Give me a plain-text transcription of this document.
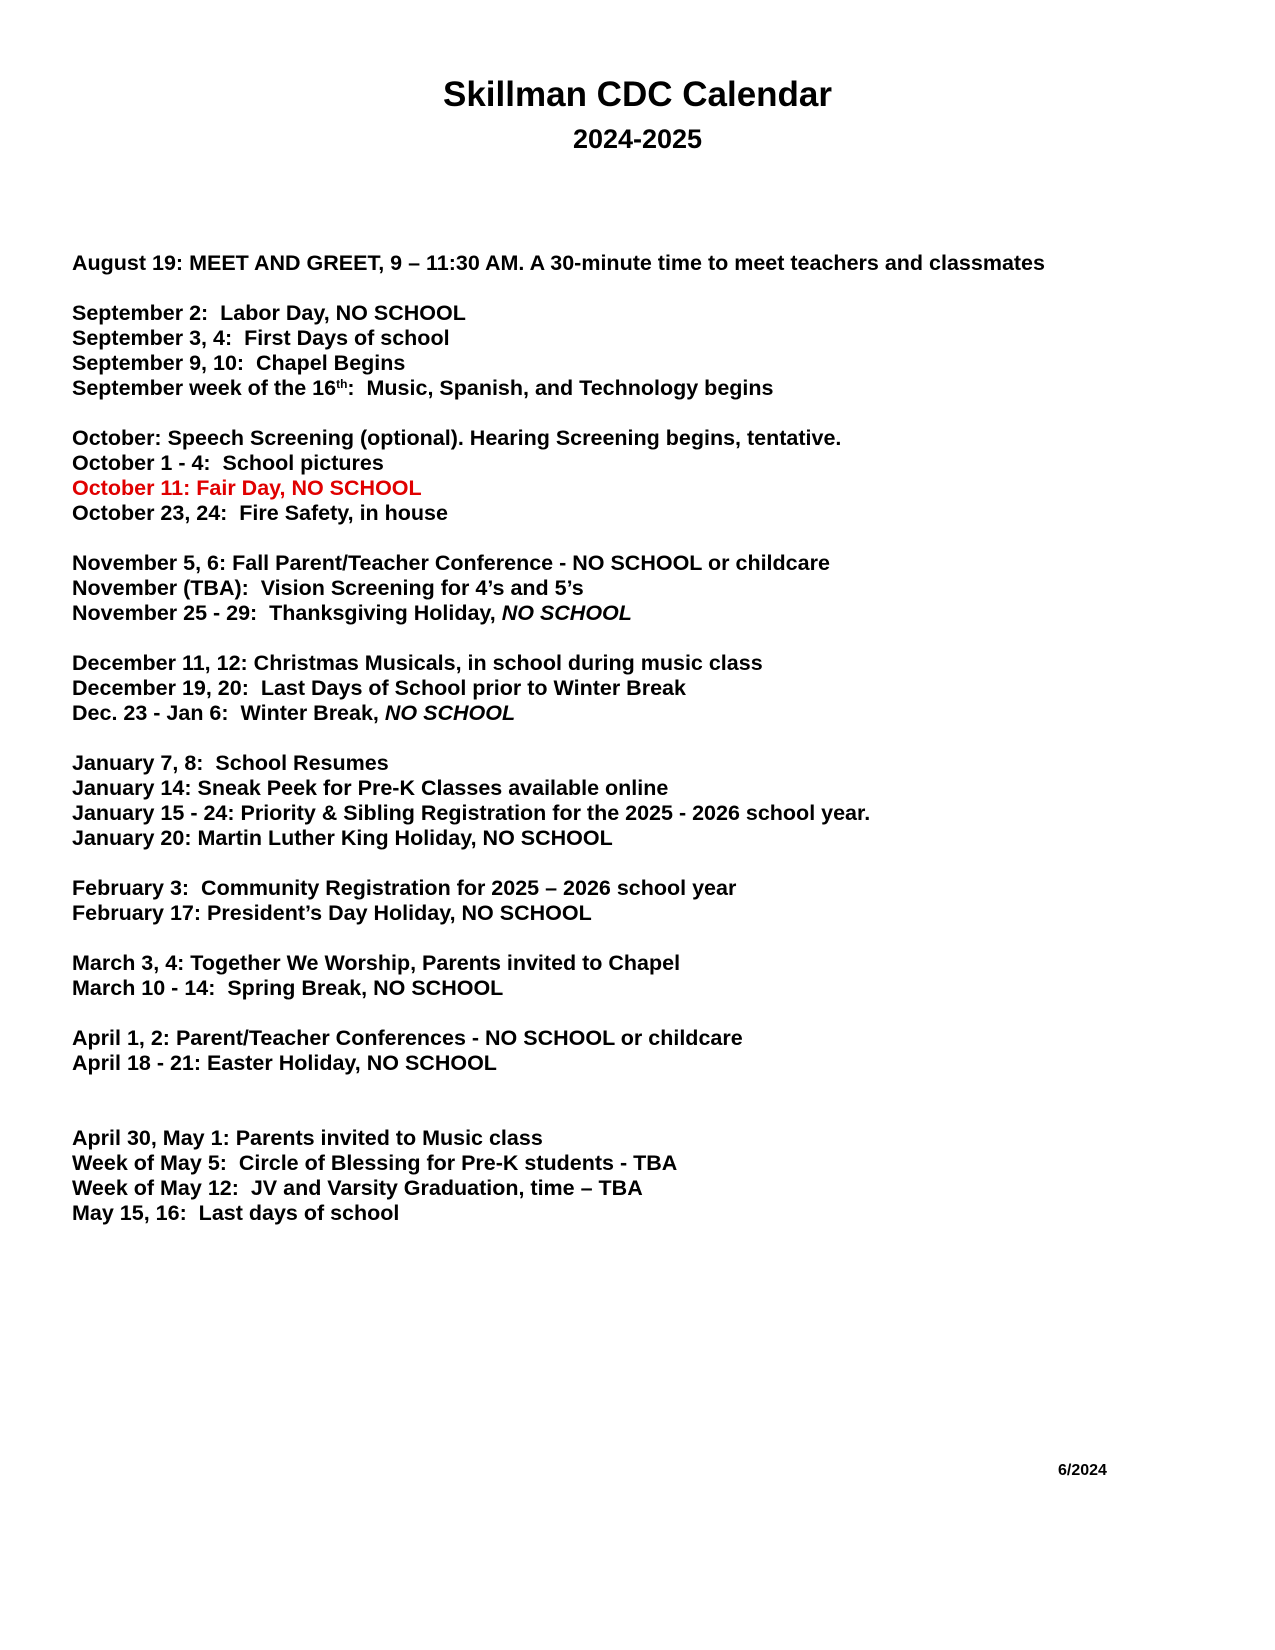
Skillman CDC Calendar
2024-2025
August 19: MEET AND GREET, 9 – 11:30 AM. A 30-minute time to meet teachers and classmates
September 2:  Labor Day, NO SCHOOL
September 3, 4:  First Days of school
September 9, 10:  Chapel Begins
September week of the 16th:  Music, Spanish, and Technology begins
October: Speech Screening (optional). Hearing Screening begins, tentative.
October 1 - 4:  School pictures
October 11: Fair Day, NO SCHOOL
October 23, 24:  Fire Safety, in house
November 5, 6: Fall Parent/Teacher Conference - NO SCHOOL or childcare
November (TBA):  Vision Screening for 4’s and 5’s
November 25 - 29:  Thanksgiving Holiday, NO SCHOOL
December 11, 12: Christmas Musicals, in school during music class
December 19, 20:  Last Days of School prior to Winter Break
Dec. 23 - Jan 6:  Winter Break, NO SCHOOL
January 7, 8:  School Resumes
January 14: Sneak Peek for Pre-K Classes available online
January 15 - 24: Priority & Sibling Registration for the 2025 - 2026 school year.
January 20: Martin Luther King Holiday, NO SCHOOL
February 3:  Community Registration for 2025 – 2026 school year
February 17: President’s Day Holiday, NO SCHOOL
March 3, 4: Together We Worship, Parents invited to Chapel
March 10 - 14:  Spring Break, NO SCHOOL
April 1, 2: Parent/Teacher Conferences - NO SCHOOL or childcare
April 18 - 21: Easter Holiday, NO SCHOOL
April 30, May 1: Parents invited to Music class
Week of May 5:  Circle of Blessing for Pre-K students - TBA
Week of May 12:  JV and Varsity Graduation, time – TBA
May 15, 16:  Last days of school
6/2024
